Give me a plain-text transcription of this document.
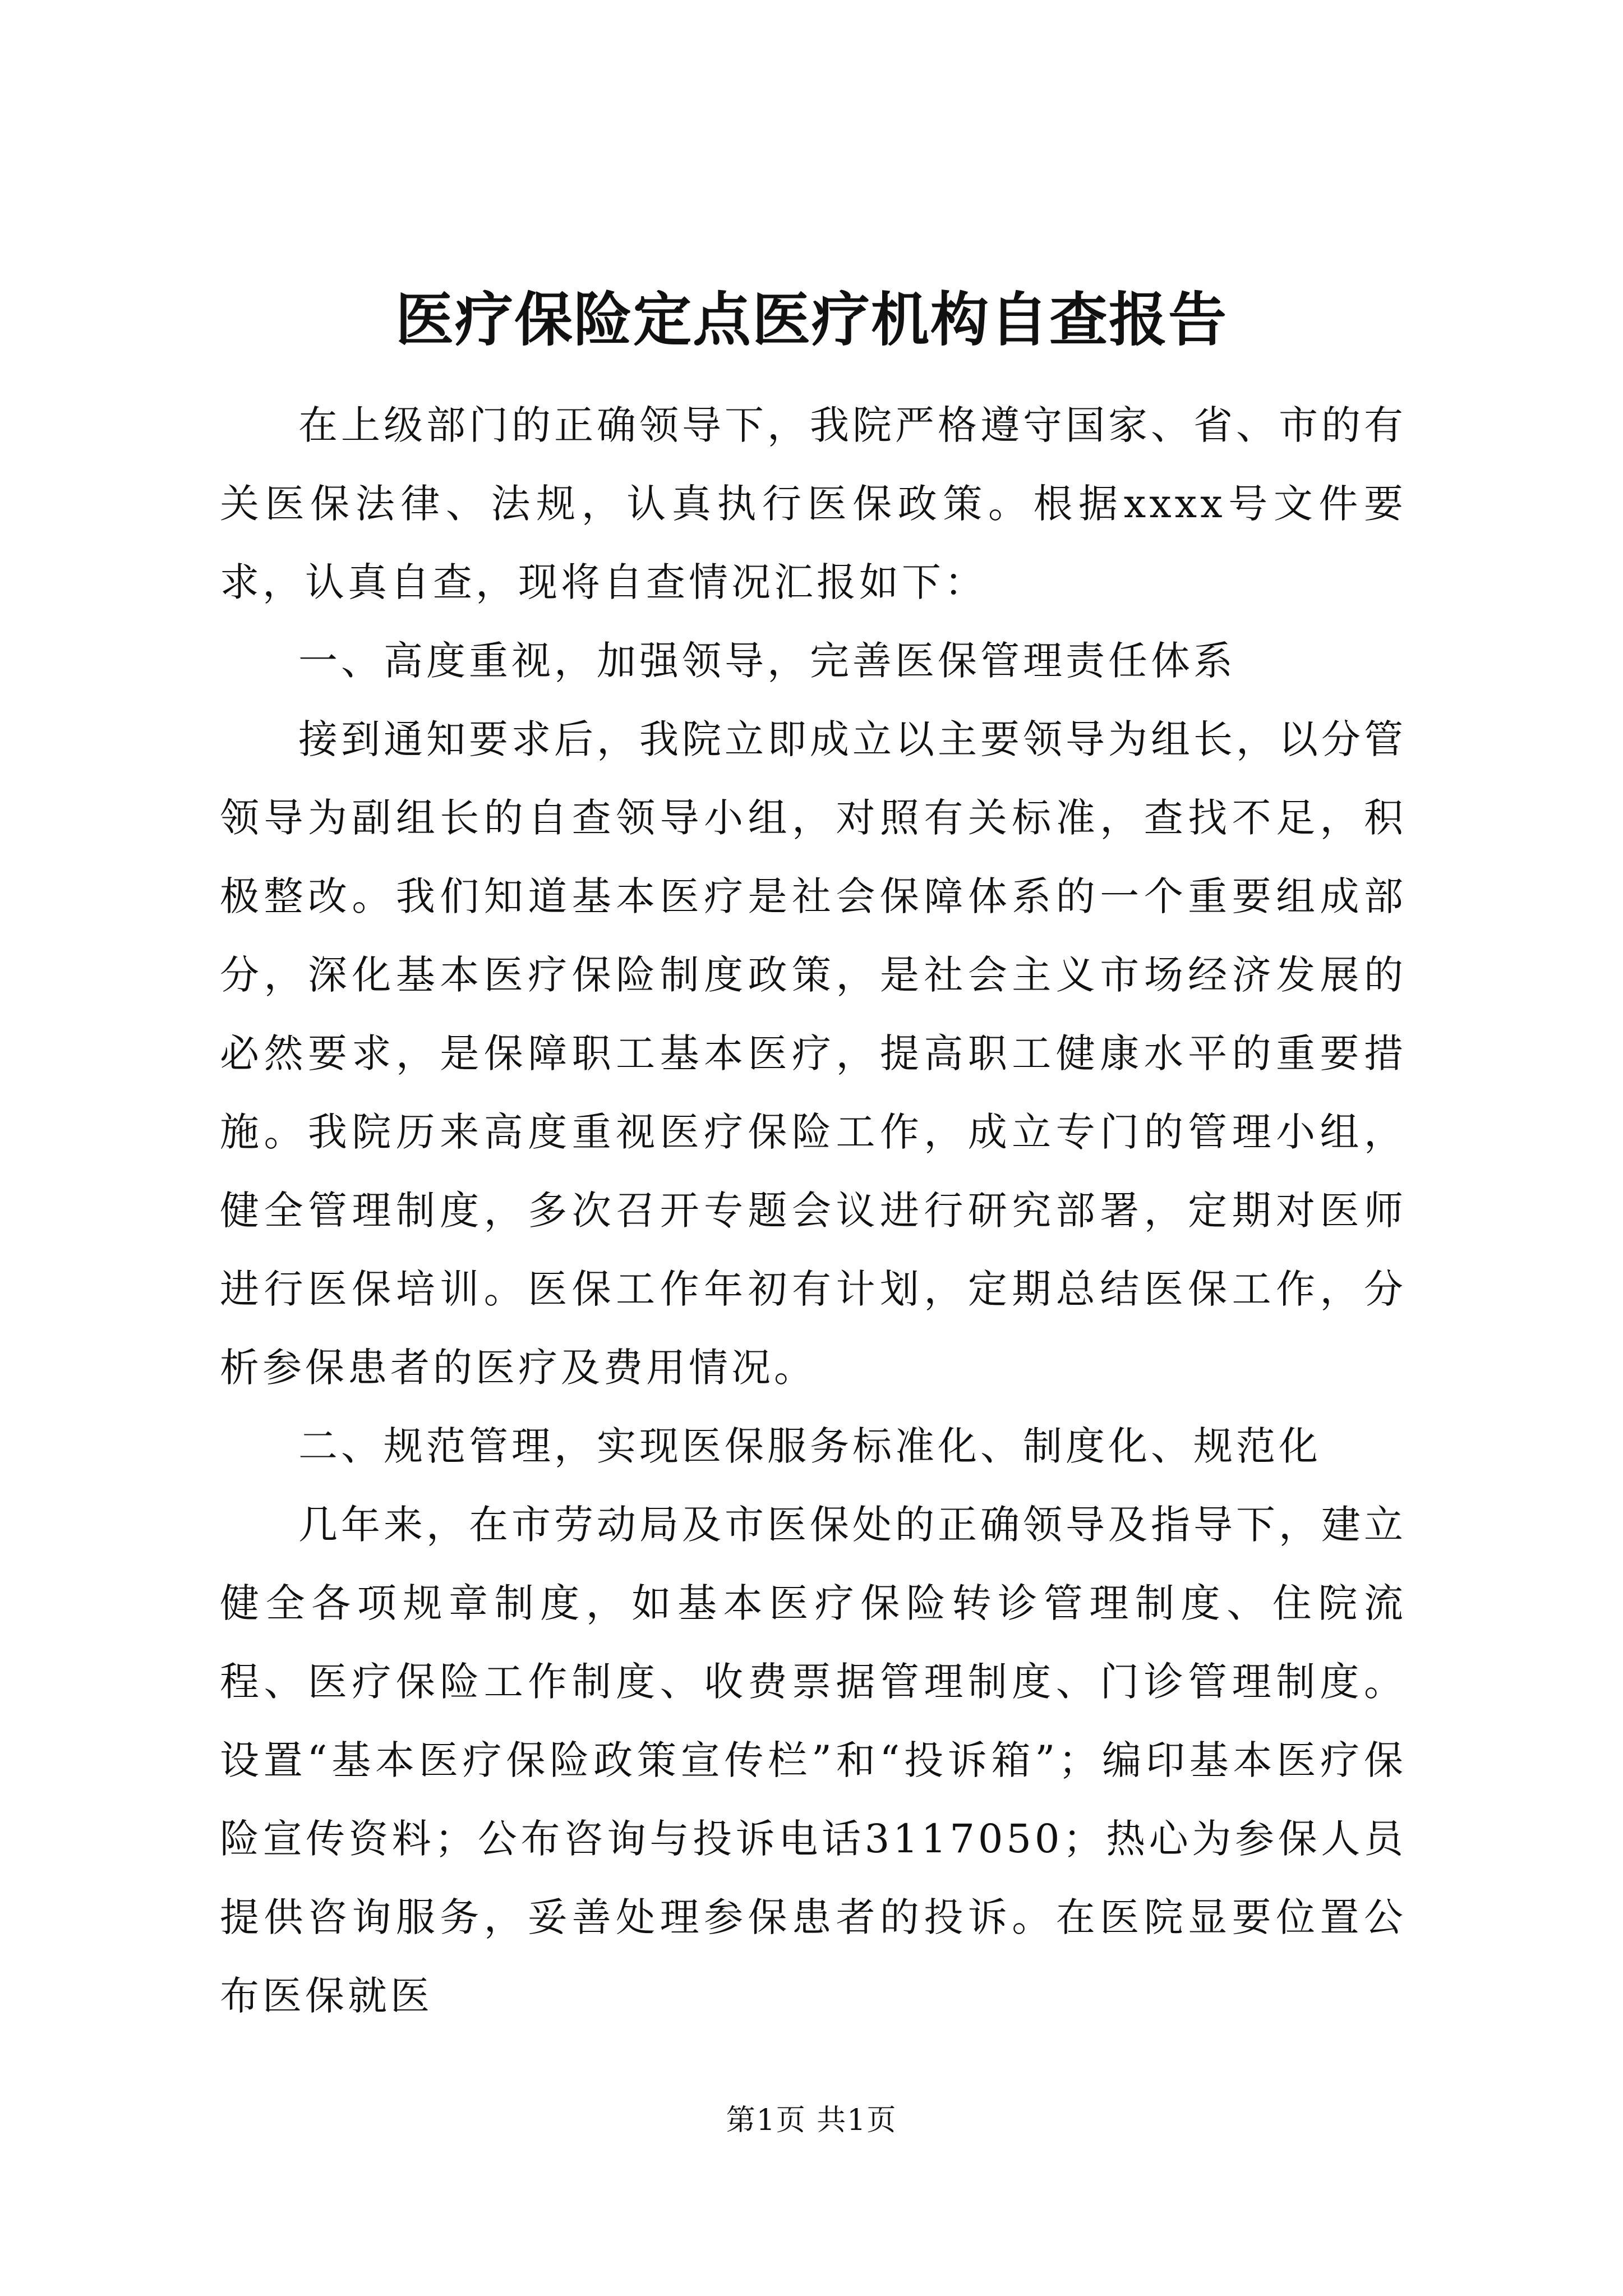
医疗保险定点医疗机构自查报告

在上级部门的正确领导下，我院严格遵守国家、省、市的有关医保法律、法规，认真执行医保政策。根据xxxx号文件要求，认真自查，现将自查情况汇报如下：

一、高度重视，加强领导，完善医保管理责任体系

接到通知要求后，我院立即成立以主要领导为组长，以分管领导为副组长的自查领导小组，对照有关标准，查找不足，积极整改。我们知道基本医疗是社会保障体系的一个重要组成部分，深化基本医疗保险制度政策，是社会主义市场经济发展的必然要求，是保障职工基本医疗，提高职工健康水平的重要措施。我院历来高度重视医疗保险工作，成立专门的管理小组，健全管理制度，多次召开专题会议进行研究部署，定期对医师进行医保培训。医保工作年初有计划，定期总结医保工作，分析参保患者的医疗及费用情况。

二、规范管理，实现医保服务标准化、制度化、规范化

几年来，在市劳动局及市医保处的正确领导及指导下，建立健全各项规章制度，如基本医疗保险转诊管理制度、住院流程、医疗保险工作制度、收费票据管理制度、门诊管理制度。设置“基本医疗保险政策宣传栏”和“投诉箱”；编印基本医疗保险宣传资料；公布咨询与投诉电话3117050；热心为参保人员提供咨询服务，妥善处理参保患者的投诉。在医院显要位置公布医保就医

第1页 共1页
